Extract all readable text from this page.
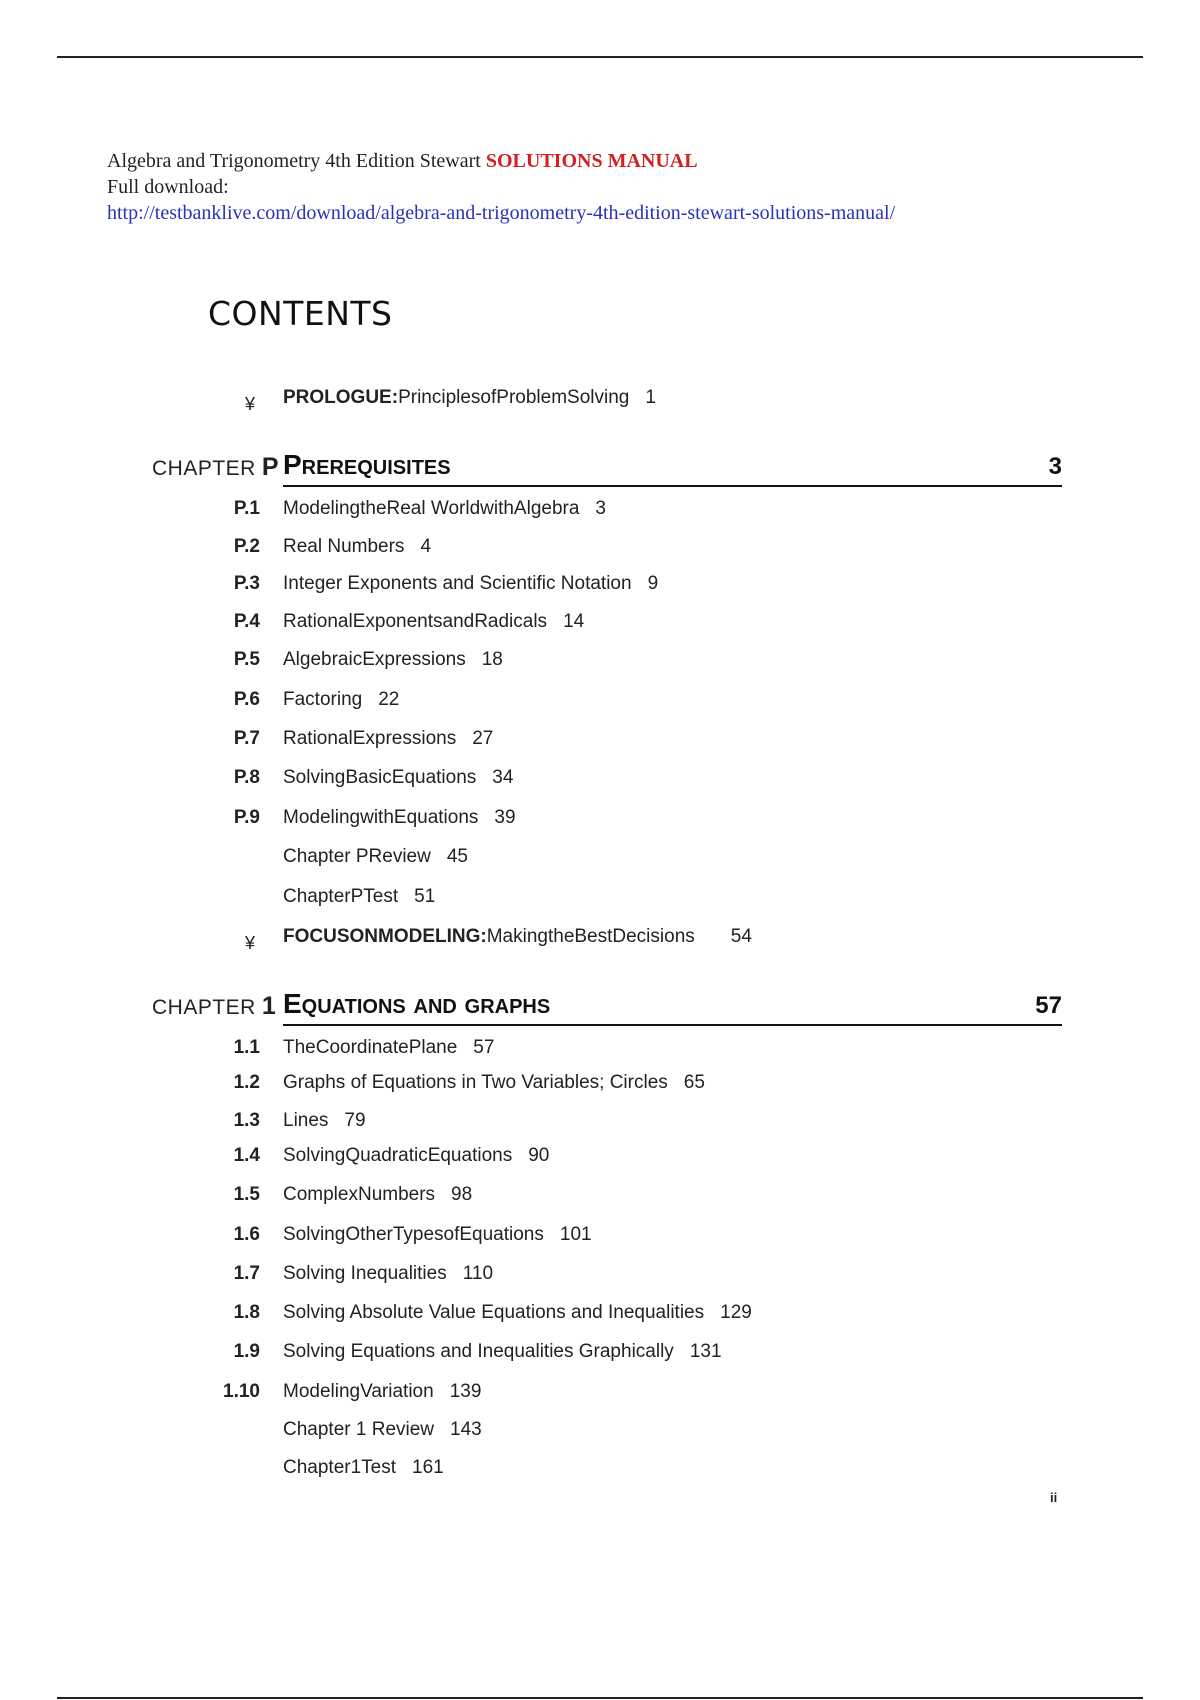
Algebra and Trigonometry 4th Edition Stewart SOLUTIONS MANUAL
Full download:
http://testbanklive.com/download/algebra-and-trigonometry-4th-edition-stewart-solutions-manual/
CONTENTS
¥ PROLOGUE:PrinciplesofProblemSolving 1
CHAPTER P Prerequisites	3
P.1 ModelingtheReal WorldwithAlgebra 3
P.2 Real Numbers 4
P.3 Integer Exponents and Scientific Notation 9
P.4 RationalExponentsandRadicals 14
P.5 AlgebraicExpressions 18
P.6 Factoring 22
P.7 RationalExpressions 27
P.8 SolvingBasicEquations 34
P.9 ModelingwithEquations 39
Chapter PReview 45
ChapterPTest 51
¥ FOCUSONMODELING:MakingtheBestDecisions 54
CHAPTER 1 Equations and graphs	57
1.1 TheCoordinatePlane 57
1.2 Graphs of Equations in Two Variables; Circles 65
1.3 Lines 79
1.4 SolvingQuadraticEquations 90
1.5 ComplexNumbers 98
1.6 SolvingOtherTypesofEquations 101
1.7 Solving Inequalities 110
1.8 Solving Absolute Value Equations and Inequalities 129
1.9 Solving Equations and Inequalities Graphically 131
1.10 ModelingVariation 139
Chapter 1 Review 143
Chapter1Test 161
ii
